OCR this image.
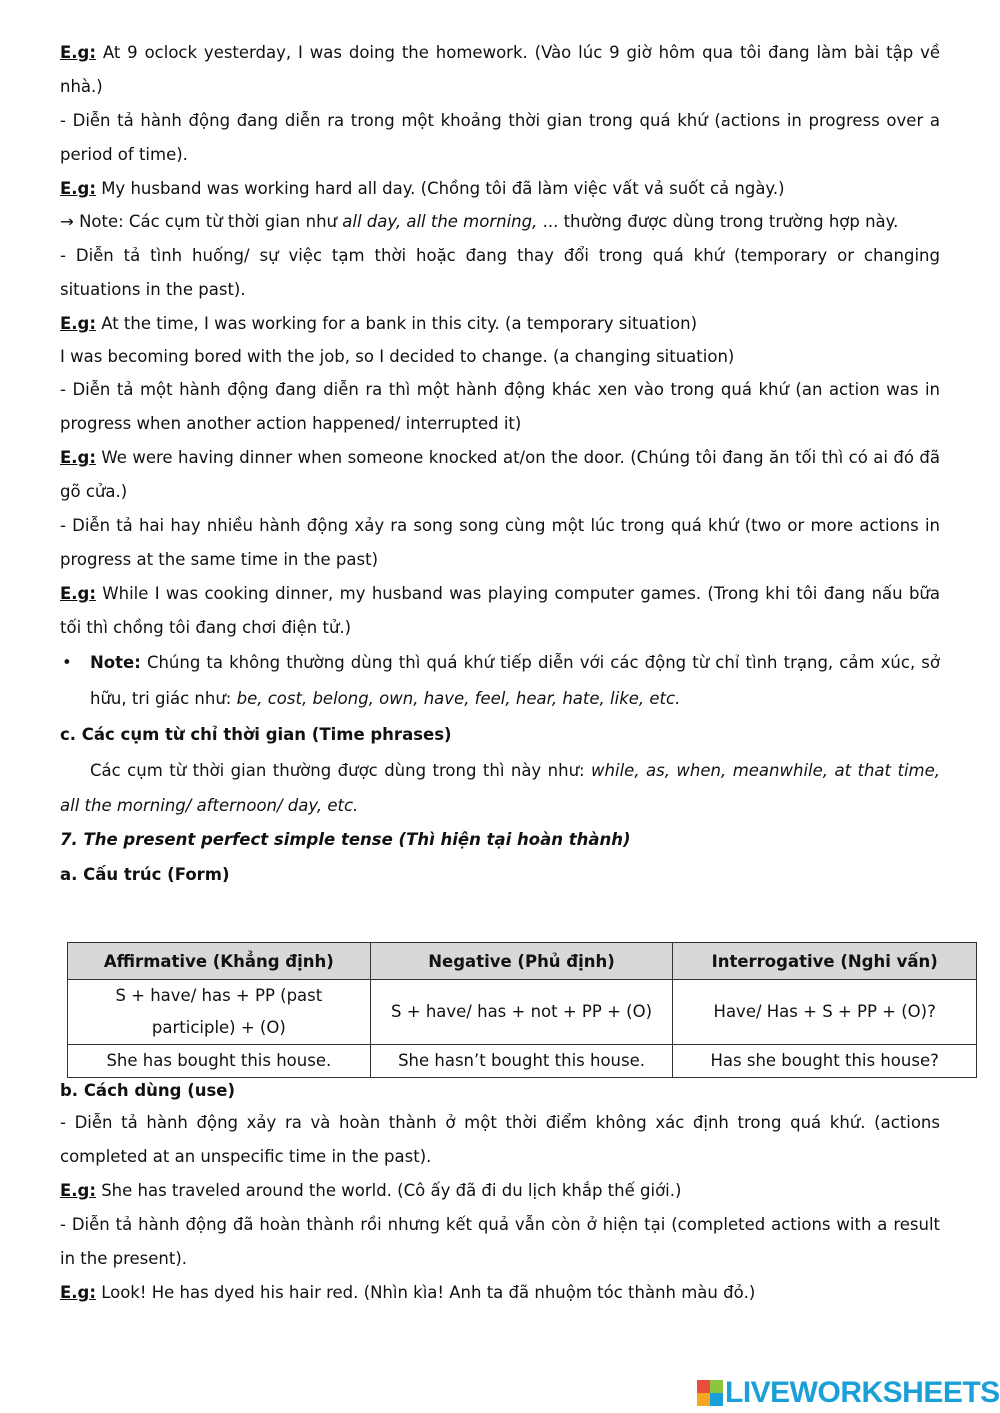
E.g: At 9 oclock yesterday, I was doing the homework. (Vào lúc 9 giờ hôm qua tôi đang làm bài tập về nhà.)

- Diễn tả hành động đang diễn ra trong một khoảng thời gian trong quá khứ (actions in progress over a period of time).

E.g: My husband was working hard all day. (Chồng tôi đã làm việc vất vả suốt cả ngày.)

→ Note: Các cụm từ thời gian như all day, all the morning, ... thường được dùng trong trường hợp này.

- Diễn tả tình huống/ sự việc tạm thời hoặc đang thay đổi trong quá khứ (temporary or changing situations in the past).

E.g: At the time, I was working for a bank in this city. (a temporary situation)

I was becoming bored with the job, so I decided to change. (a changing situation)

- Diễn tả một hành động đang diễn ra thì một hành động khác xen vào trong quá khứ (an action was in progress when another action happened/ interrupted it)

E.g: We were having dinner when someone knocked at/on the door. (Chúng tôi đang ăn tối thì có ai đó đã gõ cửa.)

- Diễn tả hai hay nhiều hành động xảy ra song song cùng một lúc trong quá khứ (two or more actions in progress at the same time in the past)

E.g: While I was cooking dinner, my husband was playing computer games. (Trong khi tôi đang nấu bữa tối thì chồng tôi đang chơi điện tử.)

• Note: Chúng ta không thường dùng thì quá khứ tiếp diễn với các động từ chỉ tình trạng, cảm xúc, sở hữu, tri giác như: be, cost, belong, own, have, feel, hear, hate, like, etc.

c. Các cụm từ chỉ thời gian (Time phrases)

Các cụm từ thời gian thường được dùng trong thì này như: while, as, when, meanwhile, at that time, all the morning/ afternoon/ day, etc.

7. The present perfect simple tense (Thì hiện tại hoàn thành)

a. Cấu trúc (Form)

Affirmative (Khẳng định)	Negative (Phủ định)	Interrogative (Nghi vấn)
S + have/ has + PP (past participle) + (O)	S + have/ has + not + PP + (O)	Have/ Has + S + PP + (O)?
She has bought this house.	She hasn’t bought this house.	Has she bought this house?

b. Cách dùng (use)

- Diễn tả hành động xảy ra và hoàn thành ở một thời điểm không xác định trong quá khứ. (actions completed at an unspecific time in the past).

E.g: She has traveled around the world. (Cô ấy đã đi du lịch khắp thế giới.)

- Diễn tả hành động đã hoàn thành rồi nhưng kết quả vẫn còn ở hiện tại (completed actions with a result in the present).

E.g: Look! He has dyed his hair red. (Nhìn kìa! Anh ta đã nhuộm tóc thành màu đỏ.)

LIVEWORKSHEETS
